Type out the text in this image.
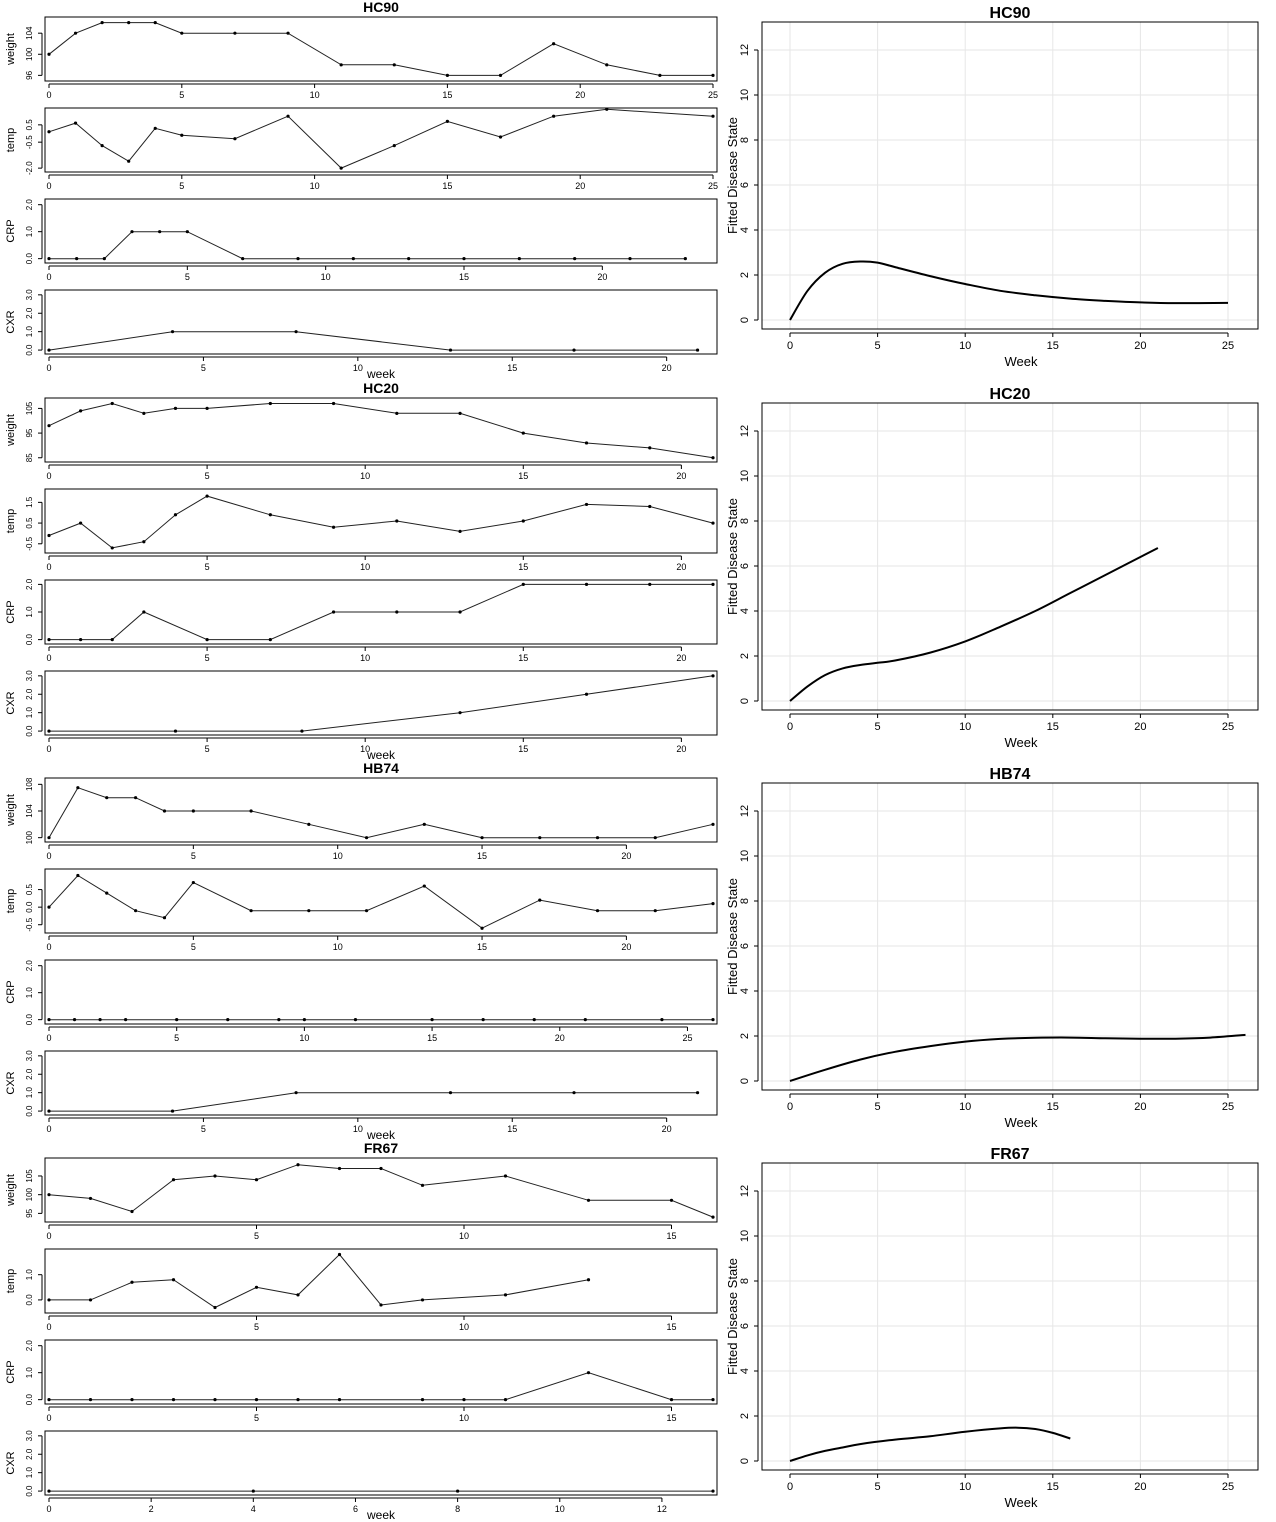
HC90
0	5	10	15	20	25
96
100
104
weight
0	5	10	15	20	25
-2.0
-0.5
0.5
temp
0	5	10	15	20
0.0
1.0
2.0
CRP
0	5	10	15	20
0.0
1.0
2.0
3.0
CXR
week
HC90
0	5	10	15	20	25
0
2
4
6
8
10
12
Week
Fitted Disease State
HC20
0	5	10	15	20
85
95
105
weight
0	5	10	15	20
-0.5
0.5
1.5
temp
0	5	10	15	20
0.0
1.0
2.0
CRP
0	5	10	15	20
0.0
1.0
2.0
3.0
CXR
week
HC20
0	5	10	15	20	25
0
2
4
6
8
10
12
Week
Fitted Disease State
HB74
0	5	10	15	20
100
104
108
weight
0	5	10	15	20
-0.5
0.0
0.5
temp
0	5	10	15	20	25
0.0
1.0
2.0
CRP
0	5	10	15	20
0.0
1.0
2.0
3.0
CXR
week
HB74
0	5	10	15	20	25
0
2
4
6
8
10
12
Week
Fitted Disease State
FR67
0	5	10	15
95
100
105
weight
0	5	10	15
0.0
1.0
temp
0	5	10	15
0.0
1.0
2.0
CRP
0	2	4	6	8	10	12
0.0
1.0
2.0
3.0
CXR
week
FR67
0	5	10	15	20	25
0
2
4
6
8
10
12
Week
Fitted Disease State
